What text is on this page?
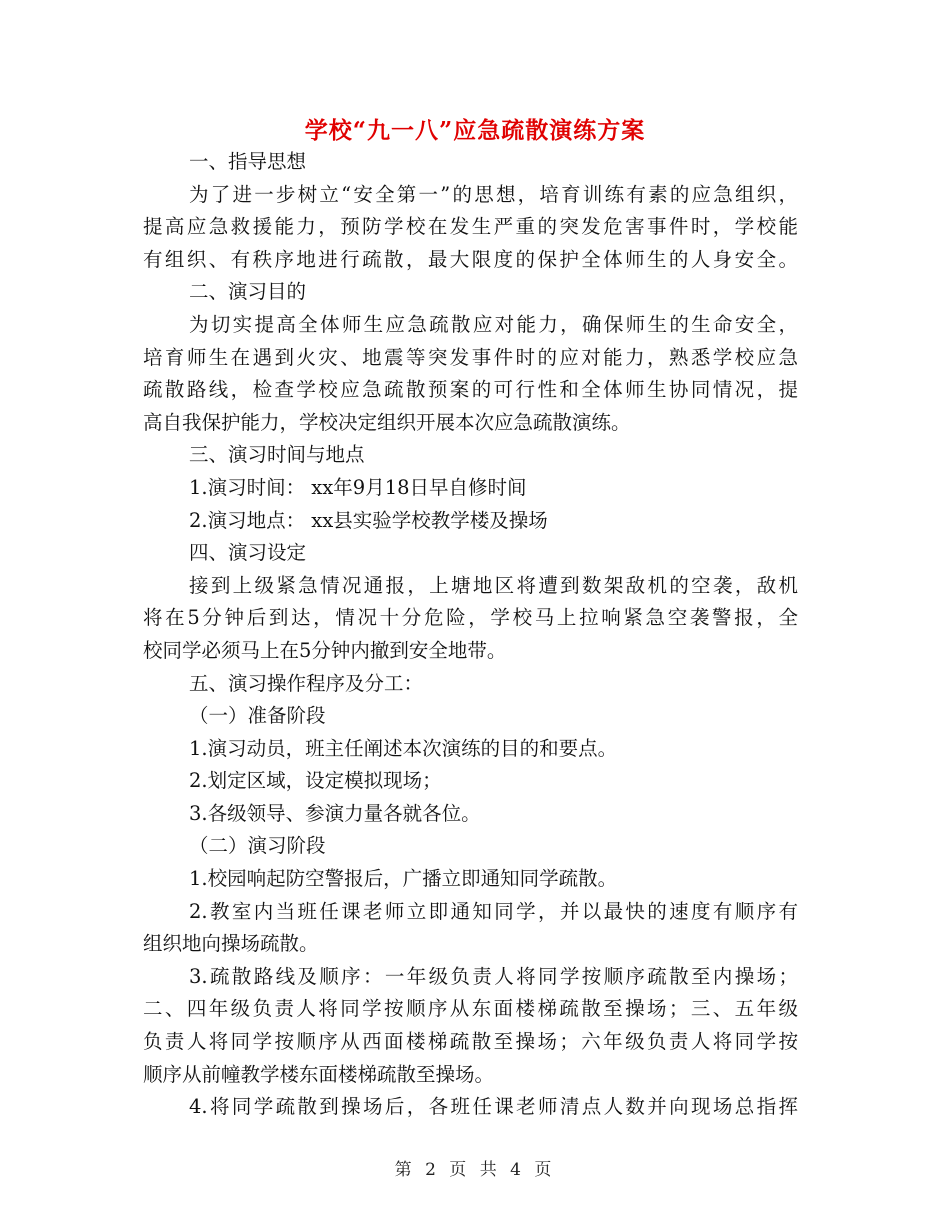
学校“九一八”应急疏散演练方案
一、指导思想
为了进一步树立“安全第一”的思想，培育训练有素的应急组织，
提高应急救援能力，预防学校在发生严重的突发危害事件时，学校能
有组织、有秩序地进行疏散，最大限度的保护全体师生的人身安全。
二、演习目的
为切实提高全体师生应急疏散应对能力，确保师生的生命安全，
培育师生在遇到火灾、地震等突发事件时的应对能力，熟悉学校应急
疏散路线，检查学校应急疏散预案的可行性和全体师生协同情况，提
高自我保护能力，学校决定组织开展本次应急疏散演练。
三、演习时间与地点
1.演习时间： xx年9月18日早自修时间
2.演习地点： xx县实验学校教学楼及操场
四、演习设定
接到上级紧急情况通报，上塘地区将遭到数架敌机的空袭，敌机
将在5分钟后到达，情况十分危险，学校马上拉响紧急空袭警报，全
校同学必须马上在5分钟内撤到安全地带。
五、演习操作程序及分工：
（一）准备阶段
1.演习动员，班主任阐述本次演练的目的和要点。
2.划定区域，设定模拟现场；
3.各级领导、参演力量各就各位。
（二）演习阶段
1.校园响起防空警报后，广播立即通知同学疏散。
2.教室内当班任课老师立即通知同学，并以最快的速度有顺序有
组织地向操场疏散。
3.疏散路线及顺序：一年级负责人将同学按顺序疏散至内操场；
二、四年级负责人将同学按顺序从东面楼梯疏散至操场；三、五年级
负责人将同学按顺序从西面楼梯疏散至操场；六年级负责人将同学按
顺序从前幢教学楼东面楼梯疏散至操场。
4.将同学疏散到操场后，各班任课老师清点人数并向现场总指挥
第 2 页 共 4 页
